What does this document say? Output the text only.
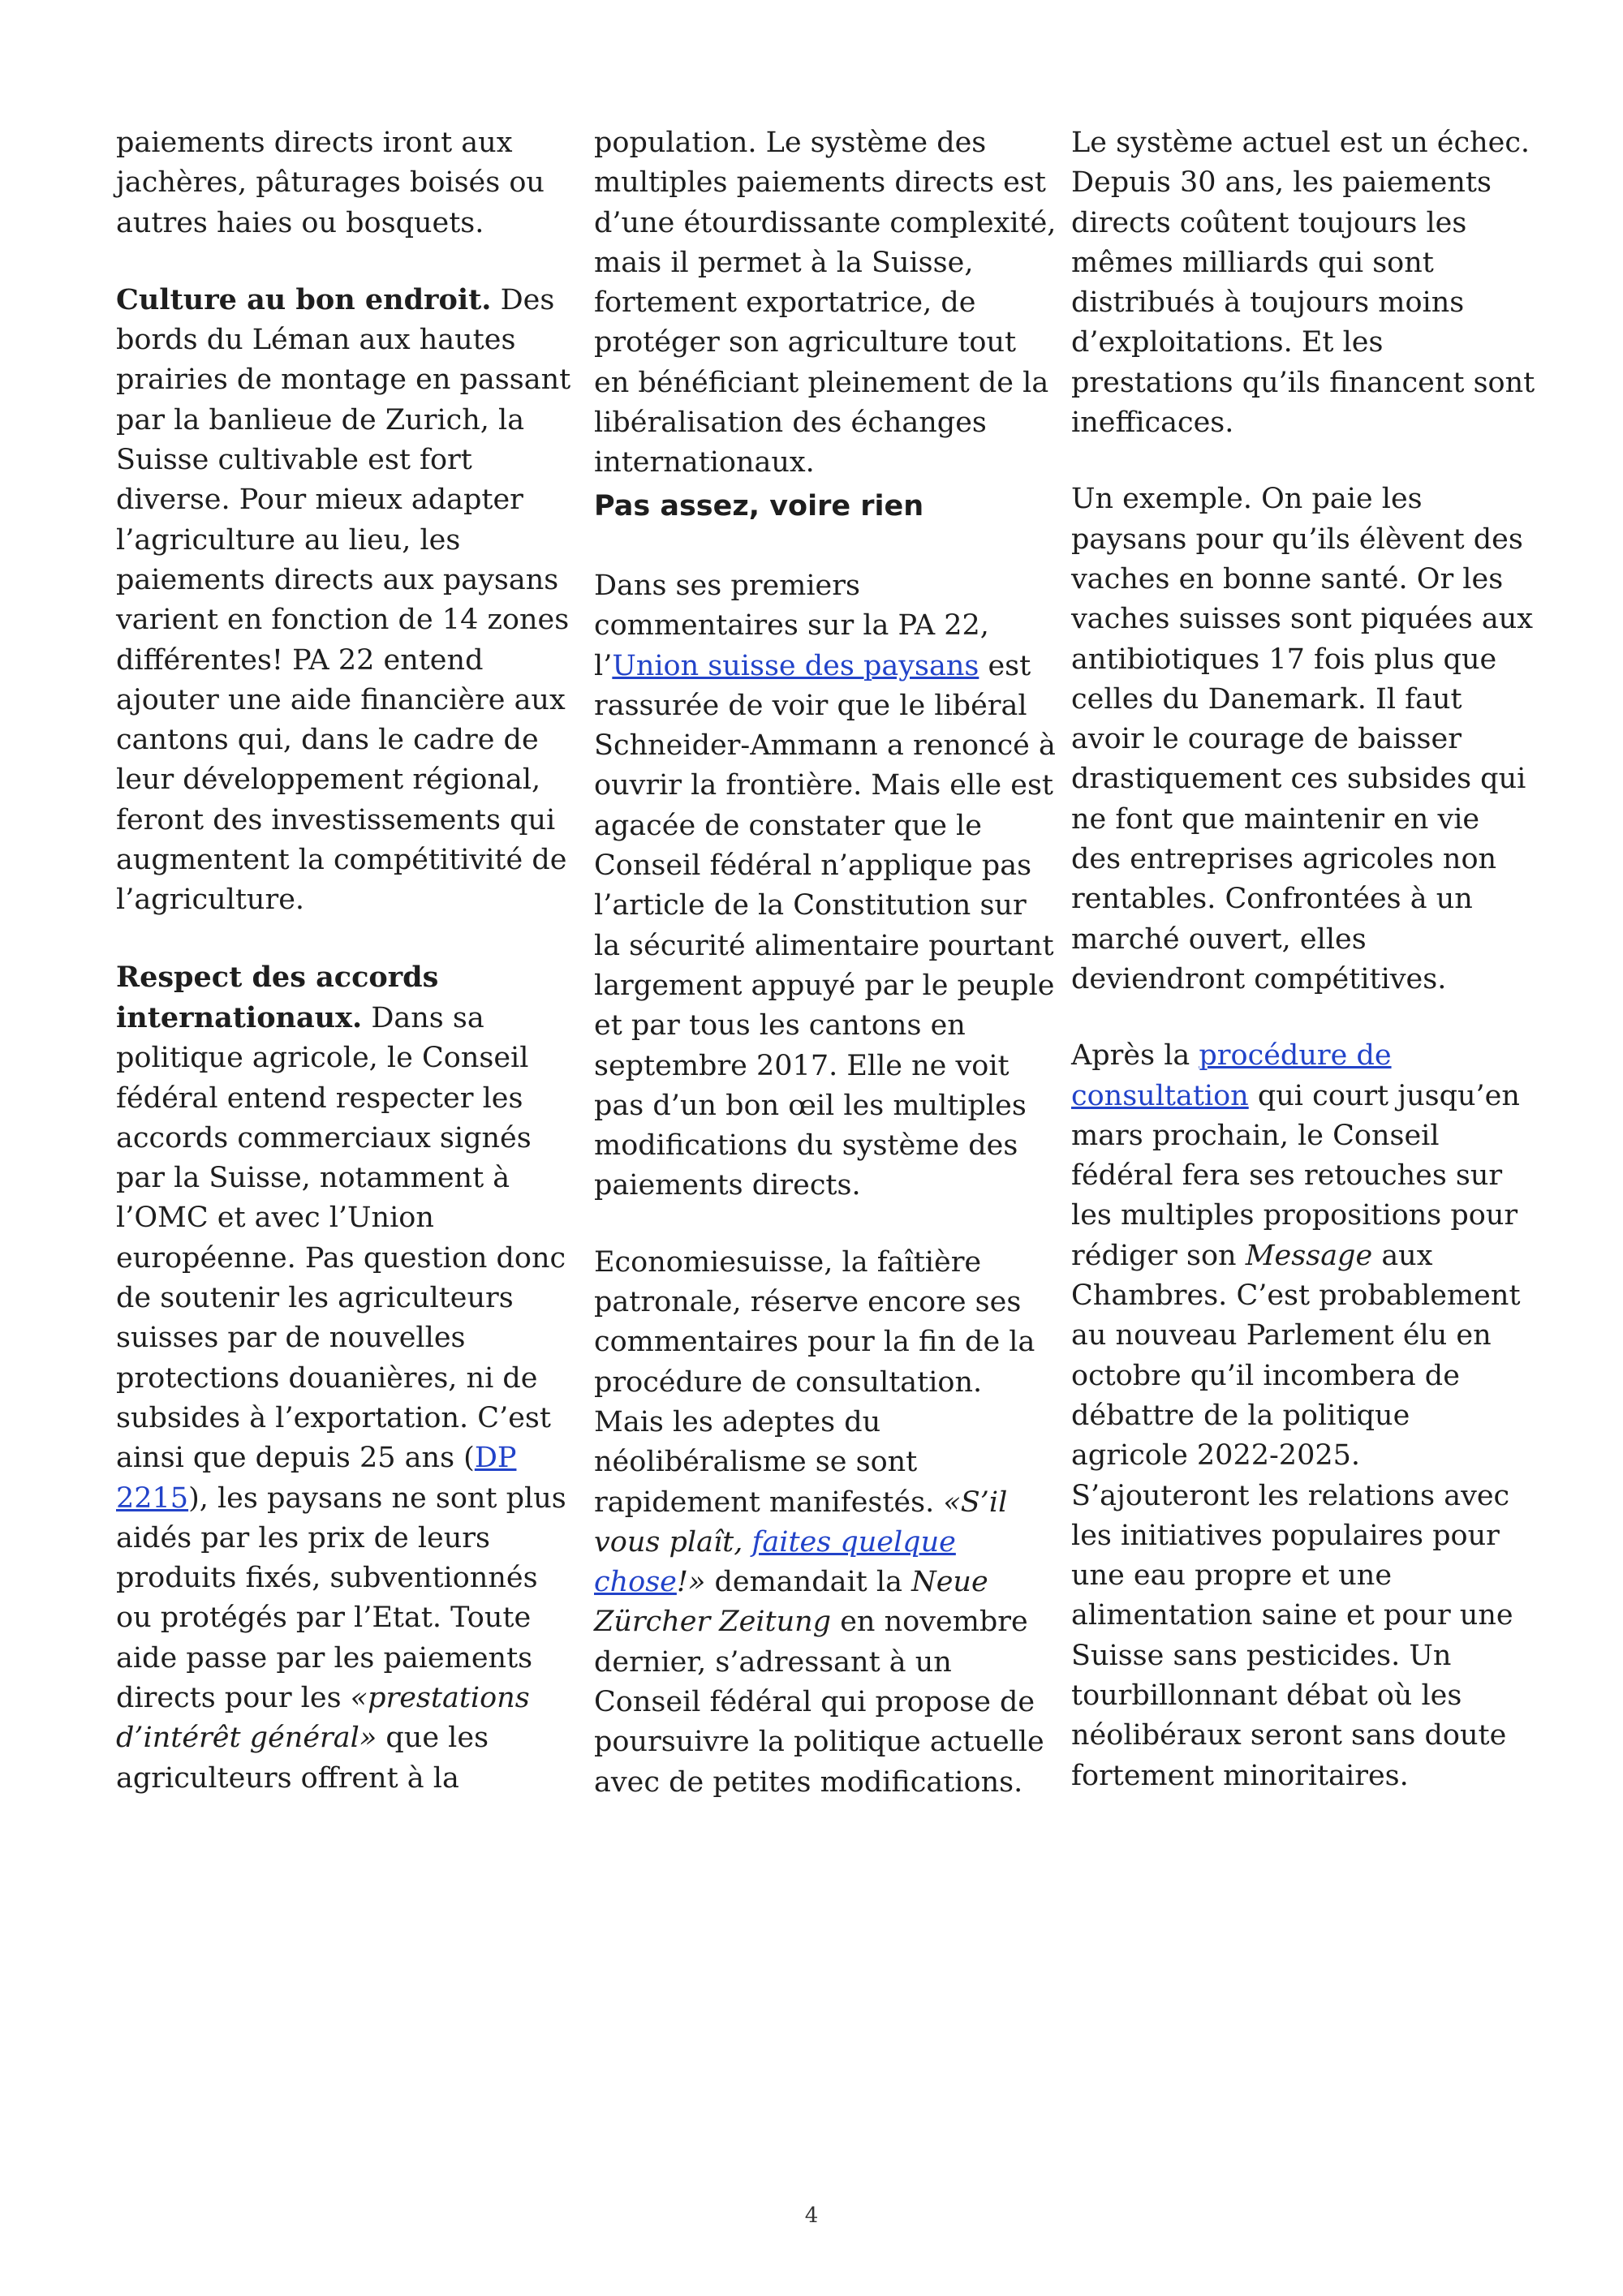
paiements directs iront aux jachères, pâturages boisés ou autres haies ou bosquets.

Culture au bon endroit. Des bords du Léman aux hautes prairies de montage en passant par la banlieue de Zurich, la Suisse cultivable est fort diverse. Pour mieux adapter l’agriculture au lieu, les paiements directs aux paysans varient en fonction de 14 zones différentes! PA 22 entend ajouter une aide financière aux cantons qui, dans le cadre de leur développement régional, feront des investissements qui augmentent la compétitivité de l’agriculture.

Respect des accords internationaux. Dans sa politique agricole, le Conseil fédéral entend respecter les accords commerciaux signés par la Suisse, notamment à l’OMC et avec l’Union européenne. Pas question donc de soutenir les agriculteurs suisses par de nouvelles protections douanières, ni de subsides à l’exportation. C’est ainsi que depuis 25 ans (DP 2215), les paysans ne sont plus aidés par les prix de leurs produits fixés, subventionnés ou protégés par l’Etat. Toute aide passe par les paiements directs pour les «prestations d’intérêt général» que les agriculteurs offrent à la

population. Le système des multiples paiements directs est d’une étourdissante complexité, mais il permet à la Suisse, fortement exportatrice, de protéger son agriculture tout en bénéficiant pleinement de la libéralisation des échanges internationaux.

Pas assez, voire rien

Dans ses premiers commentaires sur la PA 22, l’Union suisse des paysans est rassurée de voir que le libéral Schneider-Ammann a renoncé à ouvrir la frontière. Mais elle est agacée de constater que le Conseil fédéral n’applique pas l’article de la Constitution sur la sécurité alimentaire pourtant largement appuyé par le peuple et par tous les cantons en septembre 2017. Elle ne voit pas d’un bon œil les multiples modifications du système des paiements directs.

Economiesuisse, la faîtière patronale, réserve encore ses commentaires pour la fin de la procédure de consultation. Mais les adeptes du néolibéralisme se sont rapidement manifestés. «S’il vous plaît, faites quelque chose!» demandait la Neue Zürcher Zeitung en novembre dernier, s’adressant à un Conseil fédéral qui propose de poursuivre la politique actuelle avec de petites modifications.

Le système actuel est un échec. Depuis 30 ans, les paiements directs coûtent toujours les mêmes milliards qui sont distribués à toujours moins d’exploitations. Et les prestations qu’ils financent sont inefficaces.

Un exemple. On paie les paysans pour qu’ils élèvent des vaches en bonne santé. Or les vaches suisses sont piquées aux antibiotiques 17 fois plus que celles du Danemark. Il faut avoir le courage de baisser drastiquement ces subsides qui ne font que maintenir en vie des entreprises agricoles non rentables. Confrontées à un marché ouvert, elles deviendront compétitives.

Après la procédure de consultation qui court jusqu’en mars prochain, le Conseil fédéral fera ses retouches sur les multiples propositions pour rédiger son Message aux Chambres. C’est probablement au nouveau Parlement élu en octobre qu’il incombera de débattre de la politique agricole 2022-2025. S’ajouteront les relations avec les initiatives populaires pour une eau propre et une alimentation saine et pour une Suisse sans pesticides. Un tourbillonnant débat où les néolibéraux seront sans doute fortement minoritaires.

4
